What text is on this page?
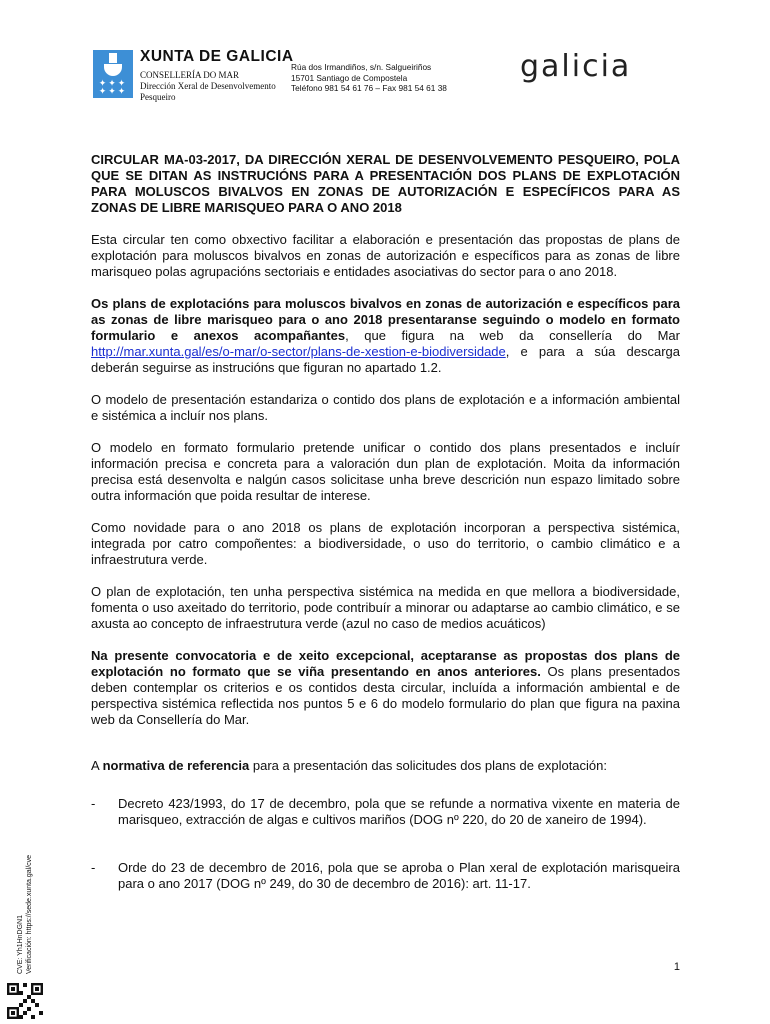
✦✦✦ ✦✦✦
XUNTA DE GALICIA
CONSELLERÍA DO MAR
Dirección Xeral de Desenvolvemento
Pesqueiro
Rúa dos Irmandiños, s/n. Salgueiriños
15701 Santiago de Compostela
Teléfono 981 54 61 76 – Fax 981 54 61 38
galicia
CIRCULAR MA-03-2017, DA DIRECCIÓN XERAL DE DESENVOLVEMENTO PESQUEIRO, POLA QUE SE DITAN AS INSTRUCIÓNS PARA A PRESENTACIÓN DOS PLANS DE EXPLOTACIÓN PARA MOLUSCOS BIVALVOS EN ZONAS DE AUTORIZACIÓN E ESPECÍFICOS PARA AS ZONAS DE LIBRE MARISQUEO PARA O ANO 2018
Esta circular ten como obxectivo facilitar a elaboración e presentación das propostas de plans de explotación para moluscos bivalvos en zonas de autorización e específicos para as zonas de libre marisqueo polas agrupacións sectoriais e entidades asociativas do sector para o ano 2018.
Os plans de explotacións para moluscos bivalvos en zonas de autorización e específicos para as zonas de libre marisqueo para o ano 2018 presentaranse seguindo o modelo en formato formulario e anexos acompañantes, que figura na web da consellería do Mar http://mar.xunta.gal/es/o-mar/o-sector/plans-de-xestion-e-biodiversidade, e para a súa descarga deberán seguirse as instrucións que figuran no apartado 1.2.
O modelo de presentación estandariza o contido dos plans de explotación e a información ambiental e sistémica a incluír nos plans.
O modelo en formato formulario pretende unificar o contido dos plans presentados e incluír información precisa e concreta para a valoración dun plan de explotación. Moita da información precisa está desenvolta e nalgún casos solicitase unha breve descrición nun espazo limitado sobre outra información que poida resultar de interese.
Como novidade para o ano 2018 os plans de explotación incorporan a perspectiva sistémica, integrada por catro compoñentes: a biodiversidade, o uso do territorio, o cambio climático e a infraestrutura verde.
O plan de explotación, ten unha perspectiva sistémica na medida en que mellora a biodiversidade, fomenta o uso axeitado do territorio, pode contribuír a minorar ou adaptarse ao cambio climático, e se axusta ao concepto de infraestrutura verde (azul no caso de medios acuáticos)
Na presente convocatoria e de xeito excepcional, aceptaranse as propostas dos plans de explotación no formato que se viña presentando en anos anteriores. Os plans presentados deben contemplar os criterios e os contidos desta circular, incluída a información ambiental e de perspectiva sistémica reflectida nos puntos 5 e 6 do modelo formulario do plan que figura na paxina web da Consellería do Mar.
A normativa de referencia para a presentación das solicitudes dos plans de explotación:
-	Decreto 423/1993, do 17 de decembro, pola que se refunde a normativa vixente en materia de marisqueo, extracción de algas e cultivos mariños (DOG nº 220, do 20 de xaneiro de 1994).
-	Orde do 23 de decembro de 2016, pola que se aproba o Plan xeral de explotación marisqueira para o ano 2017 (DOG nº 249, do 30 de decembro de 2016): art. 11-17.
1
CVE: Yh1HnDGN1 Verificación: https://sede.xunta.gal/cve
